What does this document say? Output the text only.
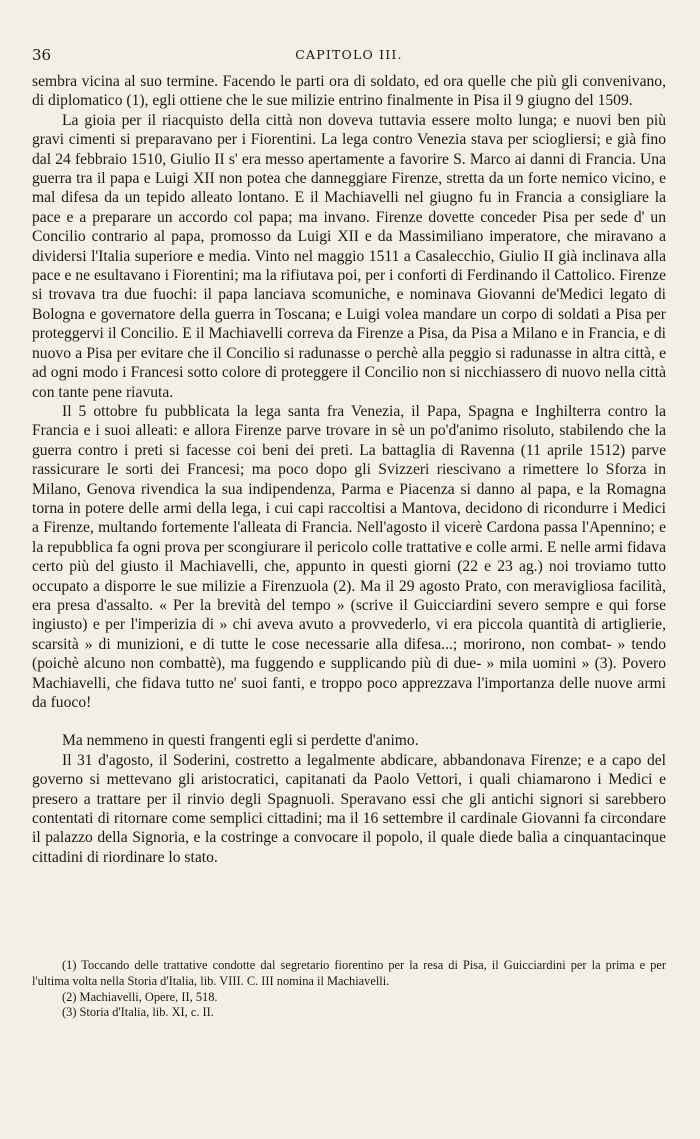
36	CAPITOLO III.

sembra vicina al suo termine. Facendo le parti ora di soldato, ed ora quelle che più gli convenivano, di diplomatico (1), egli ottiene che le sue milizie entrino finalmente in Pisa il 9 giugno del 1509.

La gioia per il riacquisto della città non doveva tuttavia essere molto lunga; e nuovi ben più gravi cimenti si preparavano per i Fiorentini. La lega contro Venezia stava per sciogliersi; e già fino dal 24 febbraio 1510, Giulio II s' era messo apertamente a favorire S. Marco ai danni di Francia. Una guerra tra il papa e Luigi XII non potea che danneggiare Firenze, stretta da un forte nemico vicino, e mal difesa da un tepido alleato lontano. E il Machiavelli nel giugno fu in Francia a consigliare la pace e a preparare un accordo col papa; ma invano. Firenze dovette conceder Pisa per sede d' un Concilio contrario al papa, promosso da Luigi XII e da Massimiliano imperatore, che miravano a dividersi l'Italia superiore e media. Vinto nel maggio 1511 a Casalecchio, Giulio II già inclinava alla pace e ne esultavano i Fiorentini; ma la rifiutava poi, per i conforti di Ferdinando il Cattolico. Firenze si trovava tra due fuochi: il papa lanciava scomuniche, e nominava Giovanni de'Medici legato di Bologna e governatore della guerra in Toscana; e Luigi volea mandare un corpo di soldati a Pisa per proteggervi il Concilio. E il Machiavelli correva da Firenze a Pisa, da Pisa a Milano e in Francia, e di nuovo a Pisa per evitare che il Concilio si radunasse o perchè alla peggio si radunasse in altra città, e ad ogni modo i Francesi sotto colore di proteggere il Concilio non si nicchiassero di nuovo nella città con tante pene riavuta.

Il 5 ottobre fu pubblicata la lega santa fra Venezia, il Papa, Spagna e Inghilterra contro la Francia e i suoi alleati: e allora Firenze parve trovare in sè un po'd'animo risoluto, stabilendo che la guerra contro i preti si facesse coi beni dei preti. La battaglia di Ravenna (11 aprile 1512) parve rassicurare le sorti dei Francesi; ma poco dopo gli Svizzeri riescivano a rimettere lo Sforza in Milano, Genova rivendica la sua indipendenza, Parma e Piacenza si danno al papa, e la Romagna torna in potere delle armi della lega, i cui capi raccoltisi a Mantova, decidono di ricondurre i Medici a Firenze, multando fortemente l'alleata di Francia. Nell'agosto il vicerè Cardona passa l'Apennino; e la repubblica fa ogni prova per scongiurare il pericolo colle trattative e colle armi. E nelle armi fidava certo più del giusto il Machiavelli, che, appunto in questi giorni (22 e 23 ag.) noi troviamo tutto occupato a disporre le sue milizie a Firenzuola (2). Ma il 29 agosto Prato, con meravigliosa facilità, era presa d'assalto. « Per la brevità del tempo » (scrive il Guicciardini severo sempre e qui forse ingiusto) e per l'imperizia di » chi aveva avuto a provvederlo, vi era piccola quantità di artiglierie, scarsità » di munizioni, e di tutte le cose necessarie alla difesa...; morirono, non combat- » tendo (poichè alcuno non combattè), ma fuggendo e supplicando più di due- » mila uomini » (3). Povero Machiavelli, che fidava tutto ne' suoi fanti, e troppo poco apprezzava l'importanza delle nuove armi da fuoco!

Ma nemmeno in questi frangenti egli si perdette d'animo.

Il 31 d'agosto, il Soderini, costretto a legalmente abdicare, abbandonava Firenze; e a capo del governo si mettevano gli aristocratici, capitanati da Paolo Vettori, i quali chiamarono i Medici e presero a trattare per il rinvio degli Spagnuoli. Speravano essi che gli antichi signori si sarebbero contentati di ritornare come semplici cittadini; ma il 16 settembre il cardinale Giovanni fa circondare il palazzo della Signoria, e la costringe a convocare il popolo, il quale diede balìa a cinquantacinque cittadini di riordinare lo stato.

(1) Toccando delle trattative condotte dal segretario fiorentino per la resa di Pisa, il Guicciardini per la prima e per l'ultima volta nella Storia d'Italia, lib. VIII. C. III nomina il Machiavelli.
(2) Machiavelli, Opere, II, 518.
(3) Storia d'Italia, lib. XI, c. II.
